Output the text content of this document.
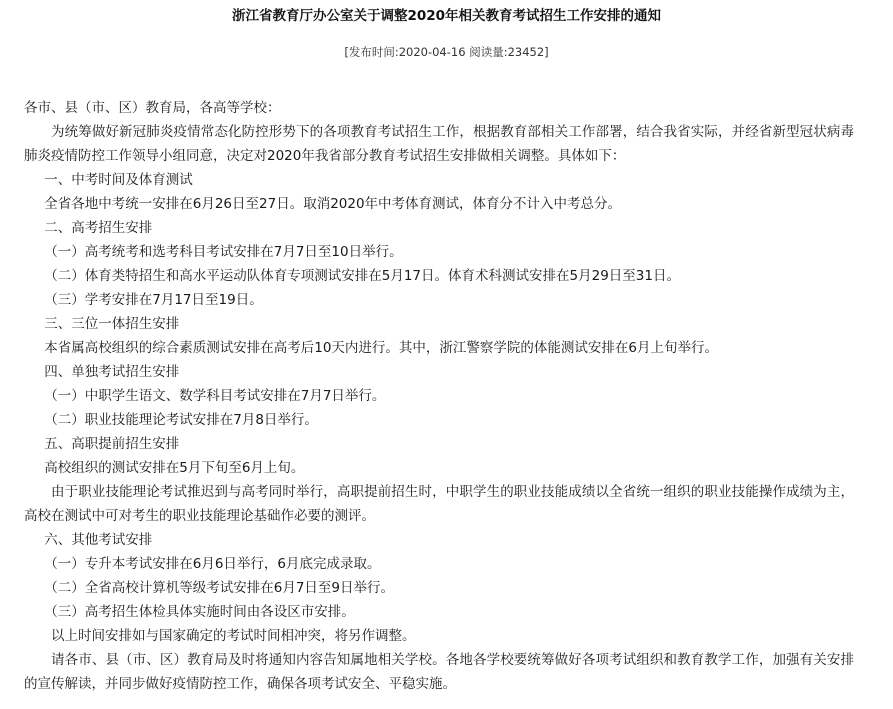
浙江省教育厅办公室关于调整2020年相关教育考试招生工作安排的通知
[发布时间:2020-04-16 阅读量:23452]

各市、县（市、区）教育局，各高等学校：

为统筹做好新冠肺炎疫情常态化防控形势下的各项教育考试招生工作，根据教育部相关工作部署，结合我省实际，并经省新型冠状病毒肺炎疫情防控工作领导小组同意，决定对2020年我省部分教育考试招生安排做相关调整。具体如下：

一、中考时间及体育测试

全省各地中考统一安排在6月26日至27日。取消2020年中考体育测试，体育分不计入中考总分。

二、高考招生安排

（一）高考统考和选考科目考试安排在7月7日至10日举行。

（二）体育类特招生和高水平运动队体育专项测试安排在5月17日。体育术科测试安排在5月29日至31日。

（三）学考安排在7月17日至19日。

三、三位一体招生安排

本省属高校组织的综合素质测试安排在高考后10天内进行。其中，浙江警察学院的体能测试安排在6月上旬举行。

四、单独考试招生安排

（一）中职学生语文、数学科目考试安排在7月7日举行。

（二）职业技能理论考试安排在7月8日举行。

五、高职提前招生安排

高校组织的测试安排在5月下旬至6月上旬。

由于职业技能理论考试推迟到与高考同时举行，高职提前招生时，中职学生的职业技能成绩以全省统一组织的职业技能操作成绩为主，高校在测试中可对考生的职业技能理论基础作必要的测评。

六、其他考试安排

（一）专升本考试安排在6月6日举行，6月底完成录取。

（二）全省高校计算机等级考试安排在6月7日至9日举行。

（三）高考招生体检具体实施时间由各设区市安排。

以上时间安排如与国家确定的考试时间相冲突，将另作调整。

请各市、县（市、区）教育局及时将通知内容告知属地相关学校。各地各学校要统筹做好各项考试组织和教育教学工作，加强有关安排的宣传解读，并同步做好疫情防控工作，确保各项考试安全、平稳实施。
